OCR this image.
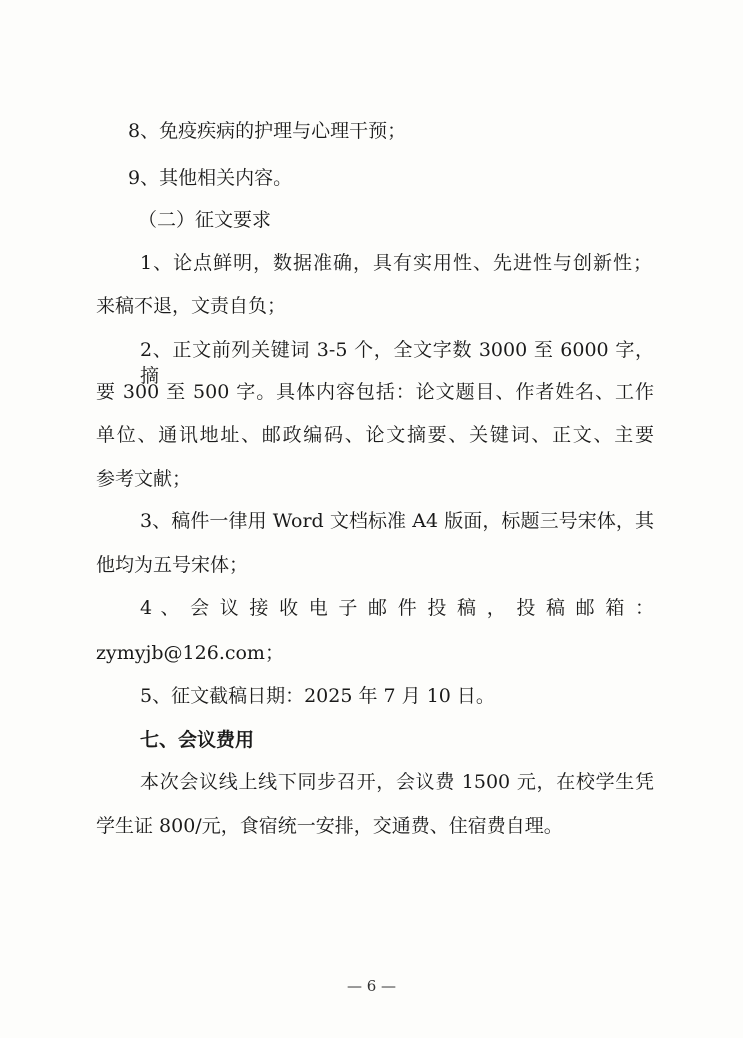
8、免疫疾病的护理与心理干预；
9、其他相关内容。
（二）征文要求
1、论点鲜明，数据准确，具有实用性、先进性与创新性；
来稿不退，文责自负；
2、正文前列关键词 3-5 个，全文字数 3000 至 6000 字，摘
要 300 至 500 字。具体内容包括：论文题目、作者姓名、工作
单位、通讯地址、邮政编码、论文摘要、关键词、正文、主要
参考文献；
3、稿件一律用 Word 文档标准 A4 版面，标题三号宋体，其
他均为五号宋体；
4 、 会 议 接 收 电 子 邮 件 投 稿 ， 投 稿 邮 箱 ：
zymyjb@126.com；
5、征文截稿日期：2025 年 7 月 10 日。
七、会议费用
本次会议线上线下同步召开，会议费 1500 元，在校学生凭
学生证 800/元，食宿统一安排，交通费、住宿费自理。
— 6 —
